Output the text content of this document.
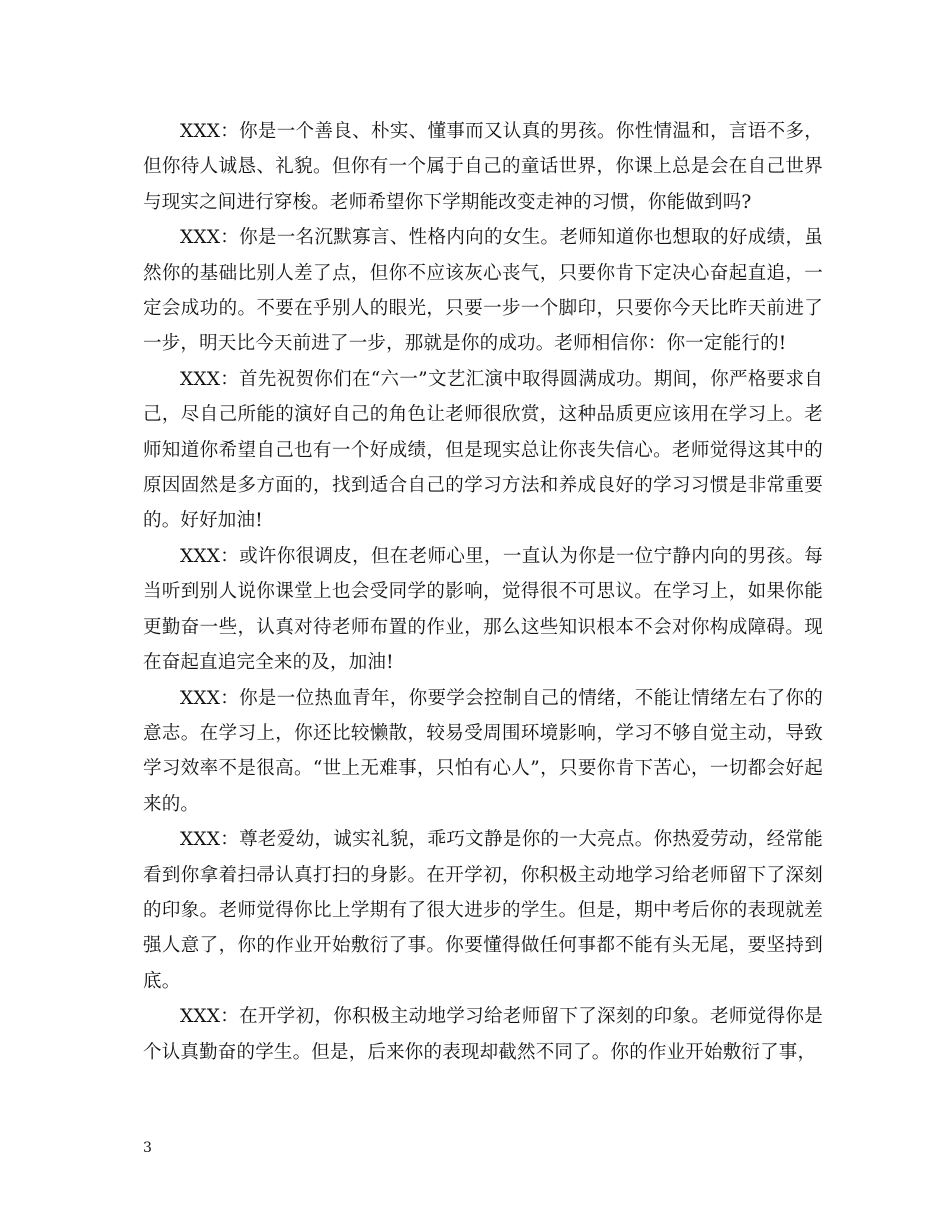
XXX：你是一个善良、朴实、懂事而又认真的男孩。你性情温和，言语不多，但你待人诚恳、礼貌。但你有一个属于自己的童话世界，你课上总是会在自己世界与现实之间进行穿梭。老师希望你下学期能改变走神的习惯，你能做到吗?

XXX：你是一名沉默寡言、性格内向的女生。老师知道你也想取的好成绩，虽然你的基础比别人差了点，但你不应该灰心丧气，只要你肯下定决心奋起直追，一定会成功的。不要在乎别人的眼光，只要一步一个脚印，只要你今天比昨天前进了一步，明天比今天前进了一步，那就是你的成功。老师相信你：你一定能行的!

XXX：首先祝贺你们在“六一”文艺汇演中取得圆满成功。期间，你严格要求自己，尽自己所能的演好自己的角色让老师很欣赏，这种品质更应该用在学习上。老师知道你希望自己也有一个好成绩，但是现实总让你丧失信心。老师觉得这其中的原因固然是多方面的，找到适合自己的学习方法和养成良好的学习习惯是非常重要的。好好加油!

XXX：或许你很调皮，但在老师心里，一直认为你是一位宁静内向的男孩。每当听到别人说你课堂上也会受同学的影响，觉得很不可思议。在学习上，如果你能更勤奋一些，认真对待老师布置的作业，那么这些知识根本不会对你构成障碍。现在奋起直追完全来的及，加油!

XXX：你是一位热血青年，你要学会控制自己的情绪，不能让情绪左右了你的意志。在学习上，你还比较懒散，较易受周围环境影响，学习不够自觉主动，导致学习效率不是很高。“世上无难事，只怕有心人”，只要你肯下苦心，一切都会好起来的。

XXX：尊老爱幼，诚实礼貌，乖巧文静是你的一大亮点。你热爱劳动，经常能看到你拿着扫帚认真打扫的身影。在开学初，你积极主动地学习给老师留下了深刻的印象。老师觉得你比上学期有了很大进步的学生。但是，期中考后你的表现就差强人意了，你的作业开始敷衍了事。你要懂得做任何事都不能有头无尾，要坚持到底。

XXX：在开学初，你积极主动地学习给老师留下了深刻的印象。老师觉得你是个认真勤奋的学生。但是，后来你的表现却截然不同了。你的作业开始敷衍了事，

3
